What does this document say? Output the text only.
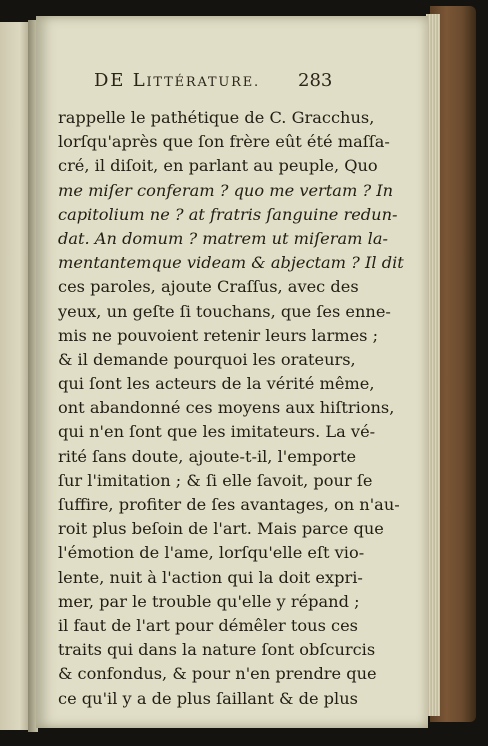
DE LITTÉRATURE. 283
rappelle le pathétique de C. Gracchus,
lorſqu'après que ſon frère eût été maſſa-
cré, il diſoit, en parlant au peuple, Quo
me miſer conferam ? quo me vertam ? In
capitolium ne ? at fratris ſanguine redun-
dat. An domum ? matrem ut miſeram la-
mentantemque videam & abjectam ? Il dit
ces paroles, ajoute Craſſus, avec des
yeux, un geſte ſi touchans, que ſes enne-
mis ne pouvoient retenir leurs larmes ;
& il demande pourquoi les orateurs,
qui ſont les acteurs de la vérité même,
ont abandonné ces moyens aux hiſtrions,
qui n'en ſont que les imitateurs. La vé-
rité ſans doute, ajoute-t-il, l'emporte
ſur l'imitation ; & ſi elle ſavoit, pour ſe
ſuffire, profiter de ſes avantages, on n'au-
roit plus beſoin de l'art. Mais parce que
l'émotion de l'ame, lorſqu'elle eſt vio-
lente, nuit à l'action qui la doit expri-
mer, par le trouble qu'elle y répand ;
il faut de l'art pour démêler tous ces
traits qui dans la nature ſont obſcurcis
& confondus, & pour n'en prendre que
ce qu'il y a de plus ſaillant & de plus
